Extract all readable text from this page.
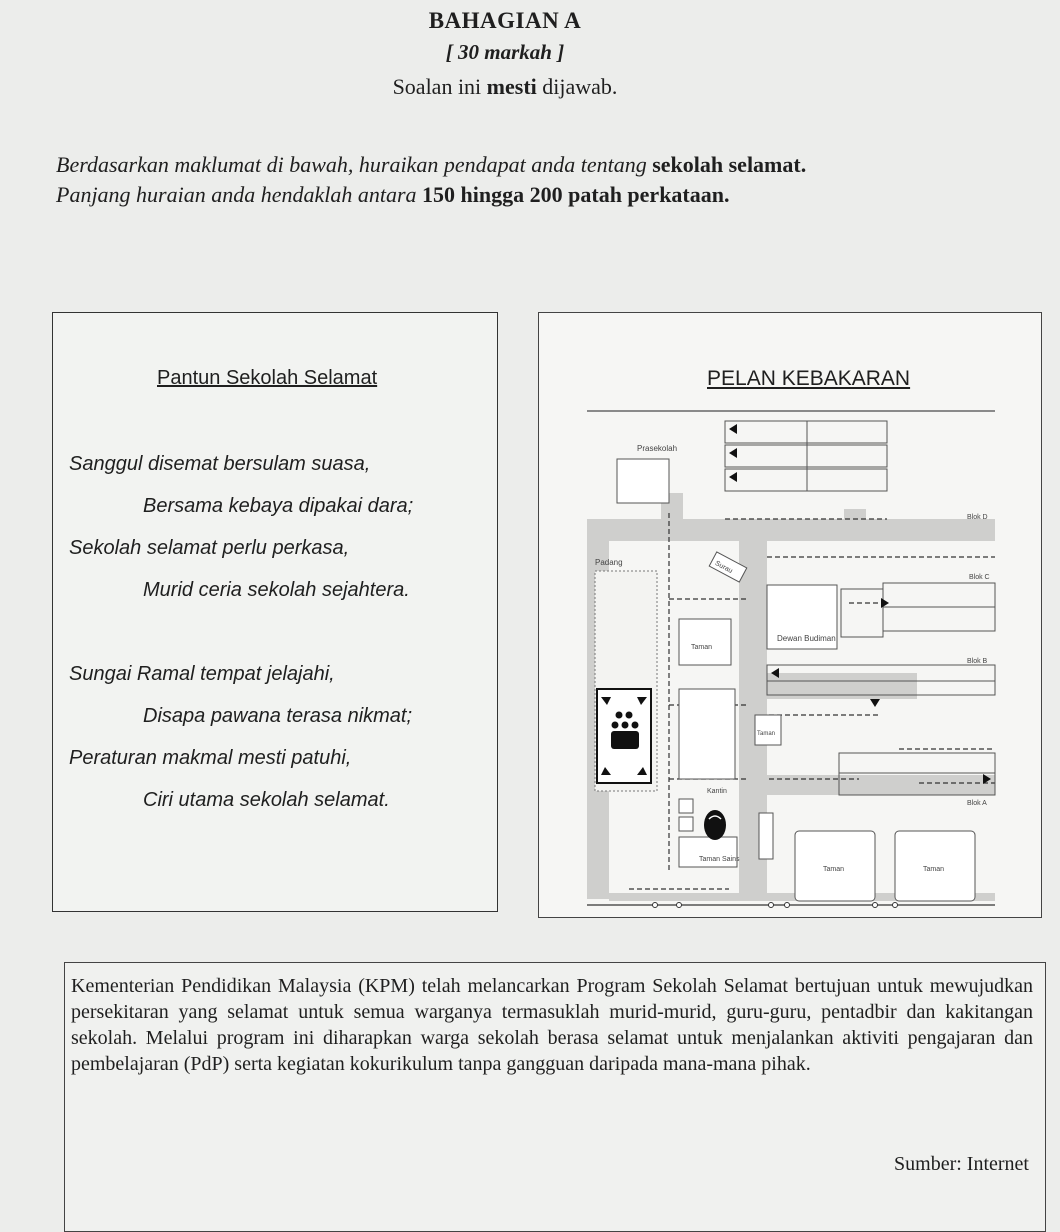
BAHAGIAN A
[ 30 markah ]
Soalan ini mesti dijawab.
Berdasarkan maklumat di bawah, huraikan pendapat anda tentang sekolah selamat.
Panjang huraian anda hendaklah antara 150 hingga 200 patah perkataan.
Pantun Sekolah Selamat
Sanggul disemat bersulam suasa,
Bersama kebaya dipakai dara;
Sekolah selamat perlu perkasa,
Murid ceria sekolah sejahtera.
Sungai Ramal tempat jelajahi,
Disapa pawana terasa nikmat;
Peraturan makmal mesti patuhi,
Ciri utama sekolah selamat.
PELAN KEBAKARAN
Prasekolah
Blok D
Padang	Surau
Dewan Budiman
Blok C
Taman
Blok B
Taman
Blok A
Kantin
Taman Sains
Taman	Taman

Kementerian Pendidikan Malaysia (KPM) telah melancarkan Program Sekolah Selamat bertujuan untuk mewujudkan persekitaran yang selamat untuk semua warganya termasuklah murid-murid, guru-guru, pentadbir dan kakitangan sekolah. Melalui program ini diharapkan warga sekolah berasa selamat untuk menjalankan aktiviti pengajaran dan pembelajaran (PdP) serta kegiatan kokurikulum tanpa gangguan daripada mana-mana pihak.

Sumber: Internet
